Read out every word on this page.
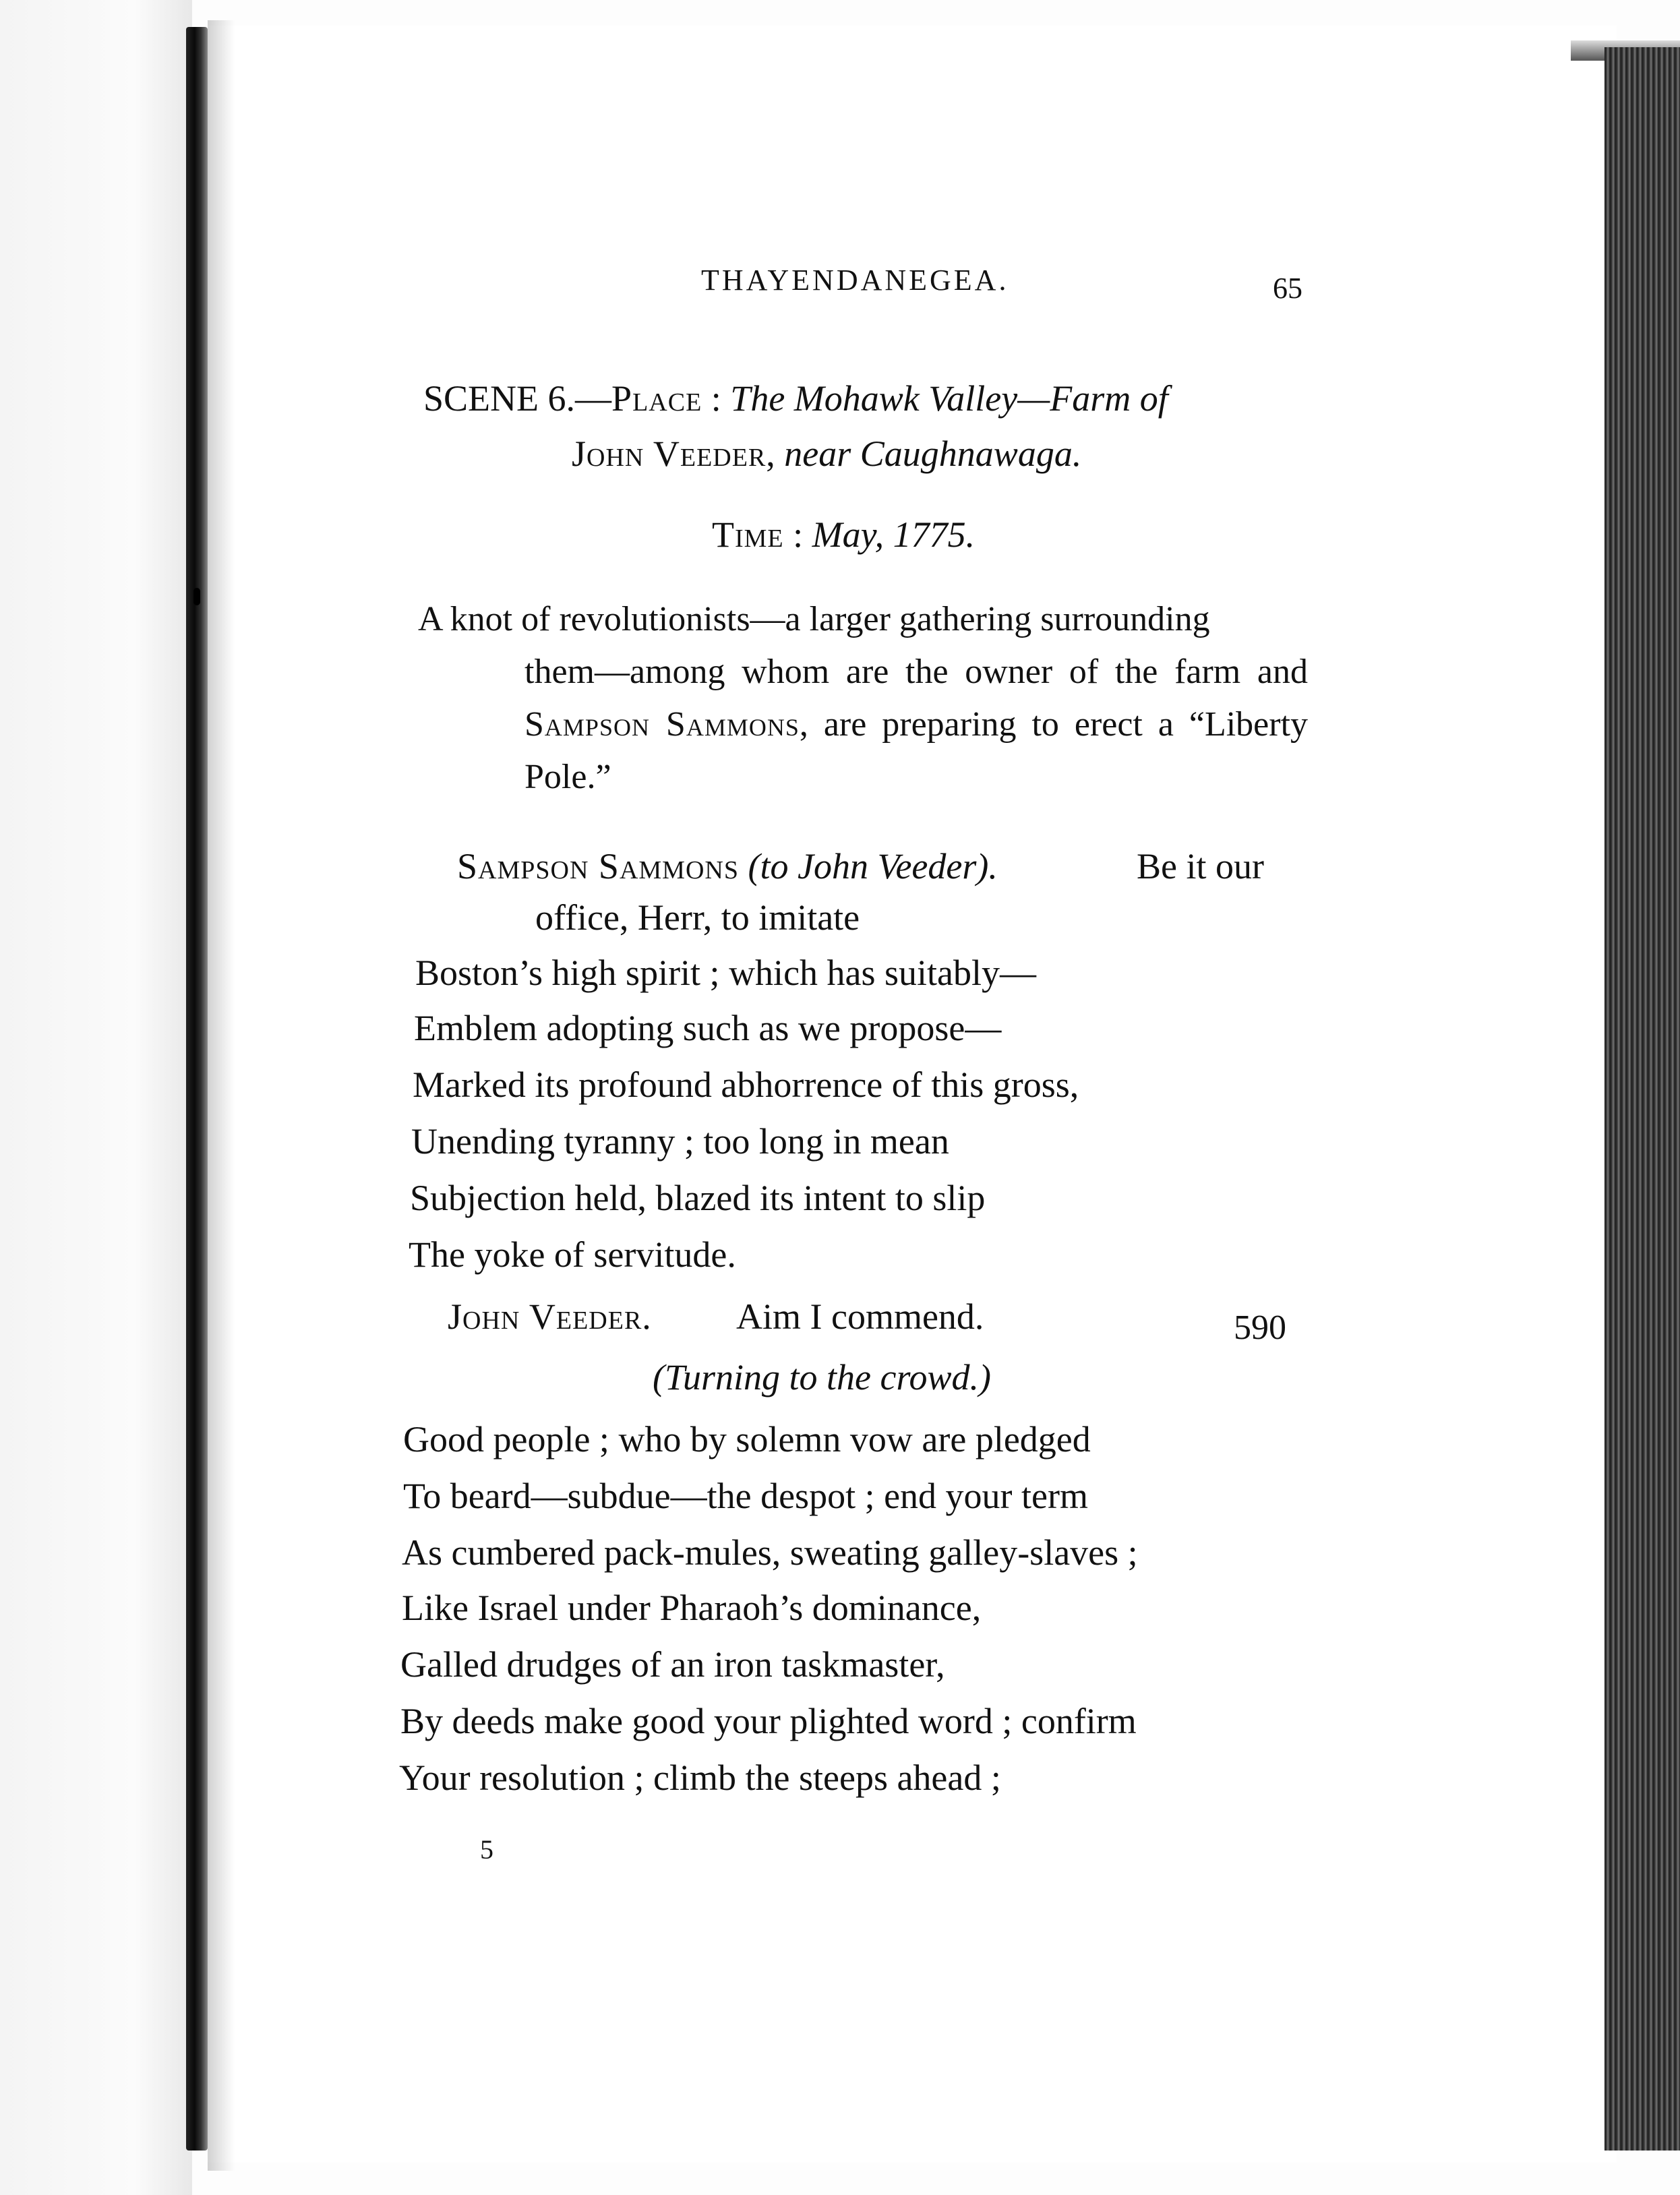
THAYENDANEGEA.	65
SCENE 6.—Place : The Mohawk Valley—Farm of
John Veeder, near Caughnawaga.
Time : May, 1775.
A knot of revolutionists—a larger gathering surrounding
them—among whom are the owner of the farm and Sampson Sammons, are preparing to erect a “Liberty Pole.”
Sampson Sammons (to John Veeder).	Be it our
office, Herr, to imitate
Boston’s high spirit ; which has suitably—
Emblem adopting such as we propose—
Marked its profound abhorrence of this gross,
Unending tyranny ; too long in mean
Subjection held, blazed its intent to slip
The yoke of servitude.
John Veeder. Aim I commend.	590
(Turning to the crowd.)
Good people ; who by solemn vow are pledged
To beard—subdue—the despot ; end your term
As cumbered pack-mules, sweating galley-slaves ;
Like Israel under Pharaoh’s dominance,
Galled drudges of an iron taskmaster,
By deeds make good your plighted word ; confirm
Your resolution ; climb the steeps ahead ;
5
